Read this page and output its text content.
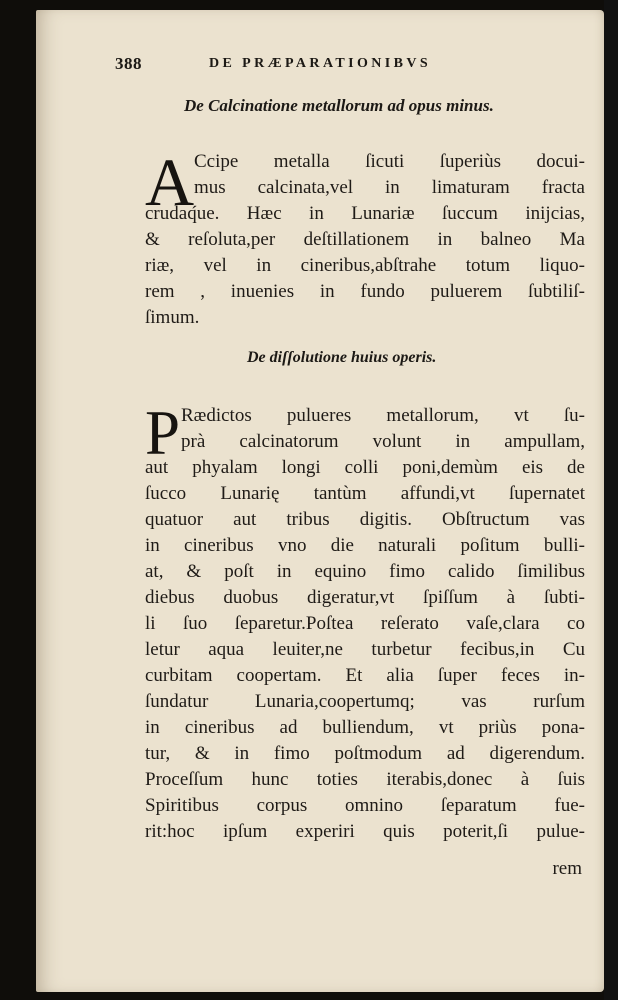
388	DE PRÆPARATIONIBVS
De Calcinatione metallorum ad opus minus.
A Ccipe metalla ſicuti ſuperiùs docui-
mus calcinata,vel in limaturam fracta
crudaq́ue. Hæc in Lunariæ ſuccum inijcias,
& reſoluta,per deſtillationem in balneo Ma
riæ, vel in cineribus,abſtrahe totum liquo-
rem , inuenies in fundo puluerem ſubtiliſ-
ſimum.
De diſſolutione huius operis.
P Rædictos pulueres metallorum, vt ſu-
prà calcinatorum volunt in ampullam,
aut phyalam longi colli poni,demùm eis de
ſucco Lunarię tantùm affundi,vt ſupernatet
quatuor aut tribus digitis. Obſtructum vas
in cineribus vno die naturali poſitum bulli-
at, & poſt in equino fimo calido ſimilibus
diebus duobus digeratur,vt ſpiſſum à ſubti-
li ſuo ſeparetur.Poſtea reſerato vaſe,clara co
letur aqua leuiter,ne turbetur fecibus,in Cu
curbitam coopertam. Et alia ſuper feces in-
ſundatur Lunaria,coopertumq; vas rurſum
in cineribus ad bulliendum, vt priùs pona-
tur, & in fimo poſtmodum ad digerendum.
Proceſſum hunc toties iterabis,donec à ſuis
Spiritibus corpus omnino ſeparatum fue-
rit:hoc ipſum experiri quis poterit,ſi pulue-
rem
